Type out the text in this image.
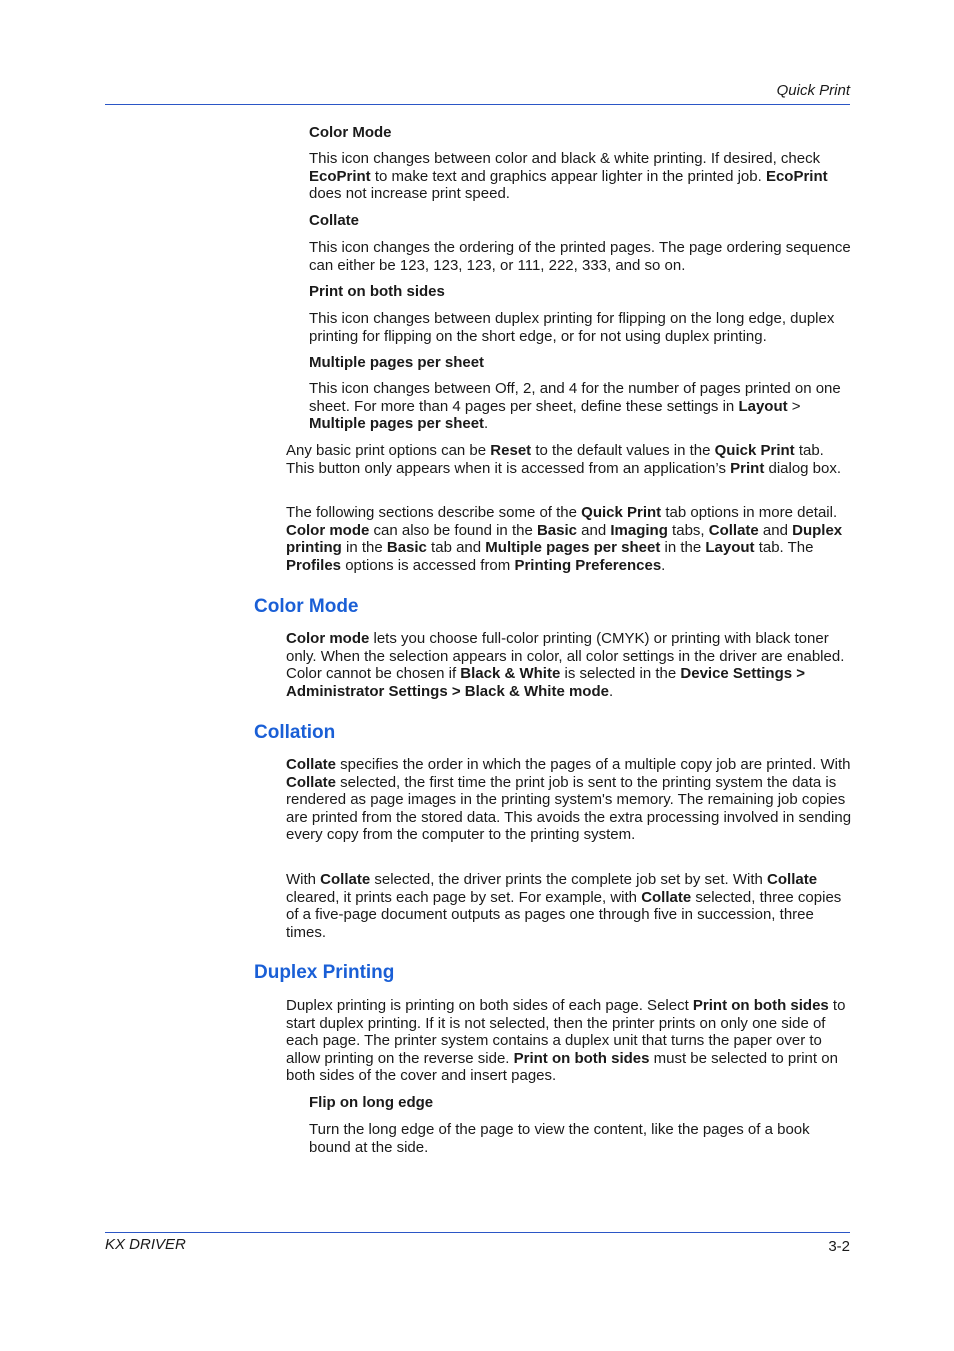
Quick Print

Color Mode

This icon changes between color and black & white printing. If desired, check EcoPrint to make text and graphics appear lighter in the printed job. EcoPrint does not increase print speed.

Collate

This icon changes the ordering of the printed pages. The page ordering sequence can either be 123, 123, 123, or 111, 222, 333, and so on.

Print on both sides

This icon changes between duplex printing for flipping on the long edge, duplex printing for flipping on the short edge, or for not using duplex printing.

Multiple pages per sheet

This icon changes between Off, 2, and 4 for the number of pages printed on one sheet. For more than 4 pages per sheet, define these settings in Layout > Multiple pages per sheet.

Any basic print options can be Reset to the default values in the Quick Print tab. This button only appears when it is accessed from an application’s Print dialog box.

The following sections describe some of the Quick Print tab options in more detail. Color mode can also be found in the Basic and Imaging tabs, Collate and Duplex printing in the Basic tab and Multiple pages per sheet in the Layout tab. The Profiles options is accessed from Printing Preferences.

Color Mode

Color mode lets you choose full-color printing (CMYK) or printing with black toner only. When the selection appears in color, all color settings in the driver are enabled. Color cannot be chosen if Black & White is selected in the Device Settings > Administrator Settings > Black & White mode.

Collation

Collate specifies the order in which the pages of a multiple copy job are printed. With Collate selected, the first time the print job is sent to the printing system the data is rendered as page images in the printing system's memory. The remaining job copies are printed from the stored data. This avoids the extra processing involved in sending every copy from the computer to the printing system.

With Collate selected, the driver prints the complete job set by set. With Collate cleared, it prints each page by set. For example, with Collate selected, three copies of a five-page document outputs as pages one through five in succession, three times.

Duplex Printing

Duplex printing is printing on both sides of each page. Select Print on both sides to start duplex printing. If it is not selected, then the printer prints on only one side of each page. The printer system contains a duplex unit that turns the paper over to allow printing on the reverse side. Print on both sides must be selected to print on both sides of the cover and insert pages.

Flip on long edge

Turn the long edge of the page to view the content, like the pages of a book bound at the side.

KX DRIVER	3-2
